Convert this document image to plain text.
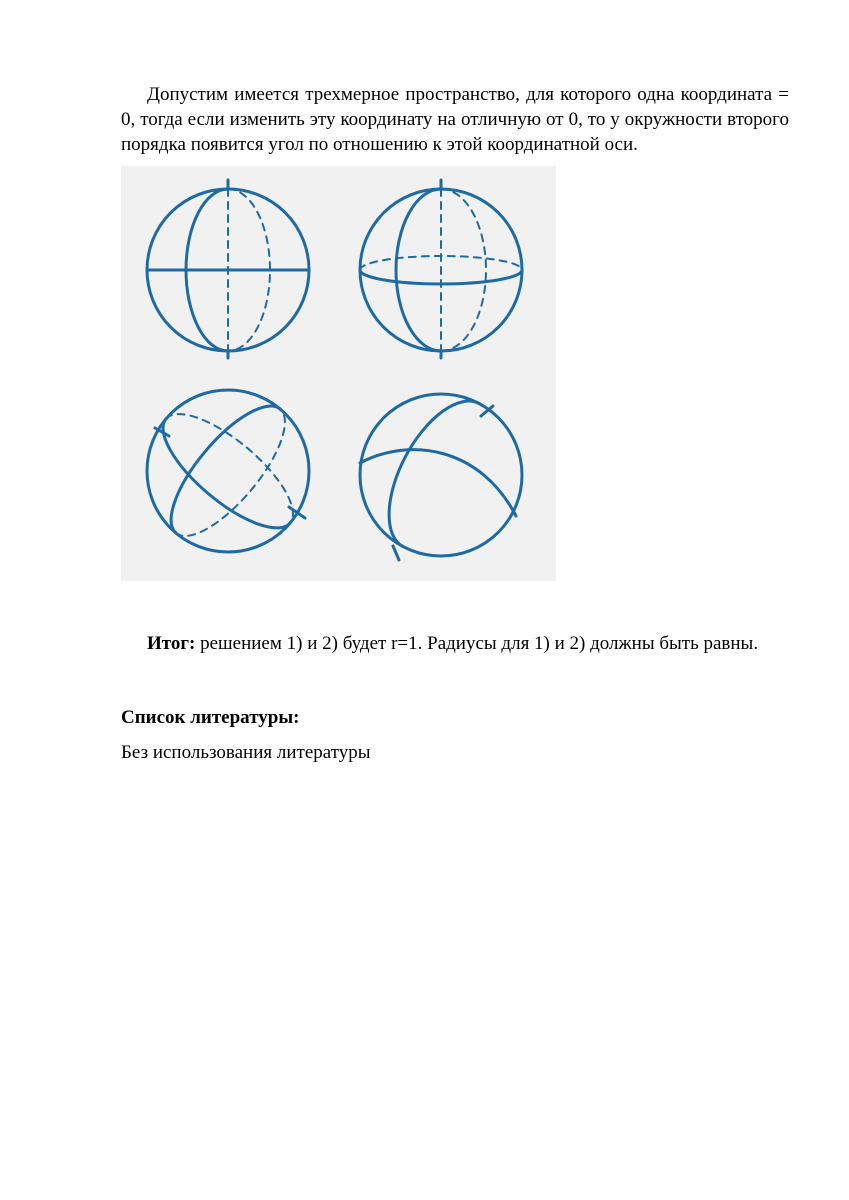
Допустим имеется трехмерное пространство, для которого одна координата = 0, тогда если изменить эту координату на отличную от 0, то у окружности второго порядка появится угол по отношению к этой координатной оси.

Итог: решением 1) и 2) будет r=1. Радиусы для 1) и 2) должны быть равны.

Список литературы:

Без использования литературы
